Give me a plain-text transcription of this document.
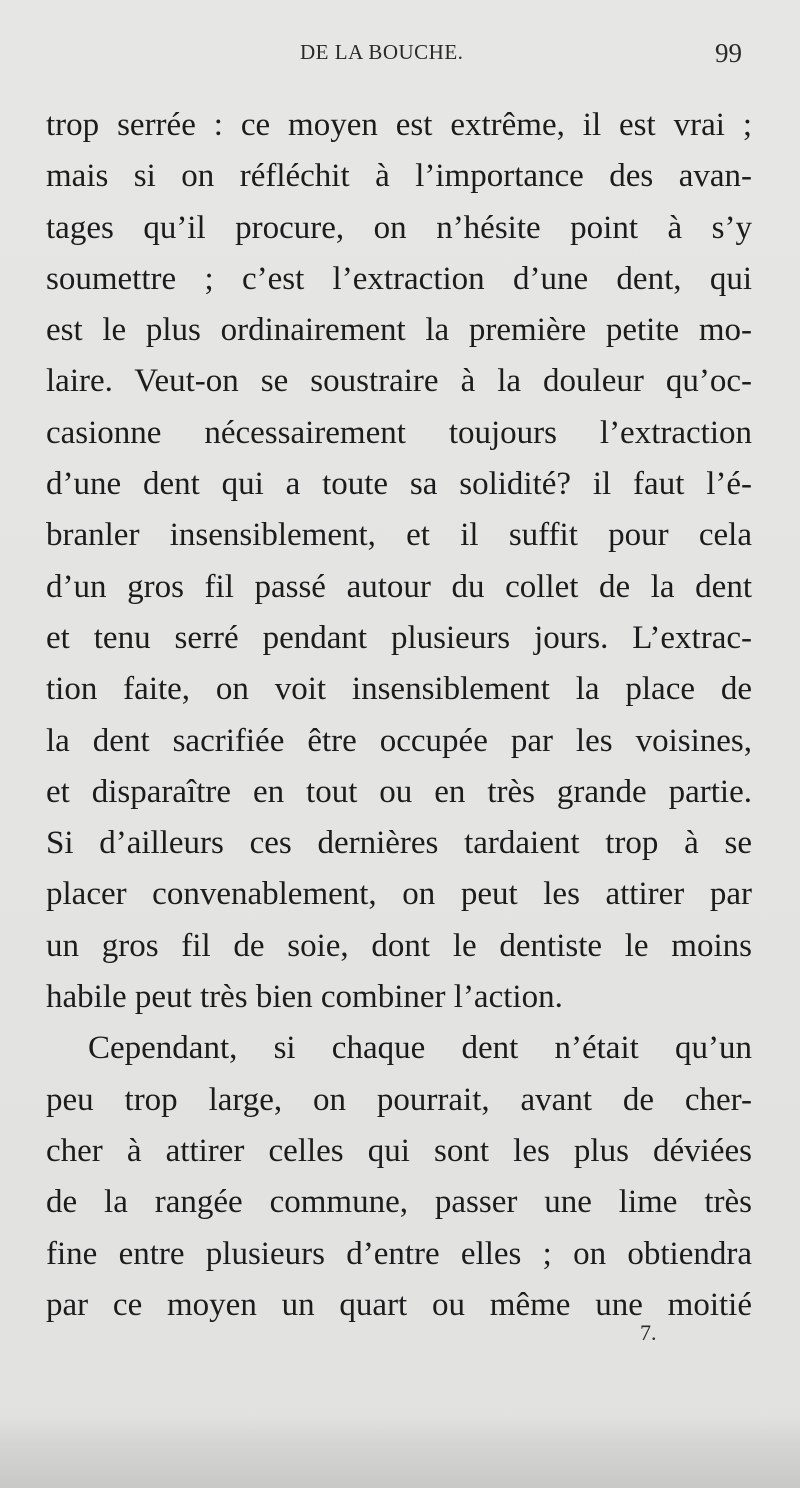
DE LA BOUCHE.	99
trop serrée : ce moyen est extrême, il est vrai ;
mais si on réfléchit à l’importance des avan-
tages qu’il procure, on n’hésite point à s’y
soumettre ; c’est l’extraction d’une dent, qui
est le plus ordinairement la première petite mo-
laire. Veut-on se soustraire à la douleur qu’oc-
casionne nécessairement toujours l’extraction
d’une dent qui a toute sa solidité? il faut l’é-
branler insensiblement, et il suffit pour cela
d’un gros fil passé autour du collet de la dent
et tenu serré pendant plusieurs jours. L’extrac-
tion faite, on voit insensiblement la place de
la dent sacrifiée être occupée par les voisines,
et disparaître en tout ou en très grande partie.
Si d’ailleurs ces dernières tardaient trop à se
placer convenablement, on peut les attirer par
un gros fil de soie, dont le dentiste le moins
habile peut très bien combiner l’action.
Cependant, si chaque dent n’était qu’un
peu trop large, on pourrait, avant de cher-
cher à attirer celles qui sont les plus déviées
de la rangée commune, passer une lime très
fine entre plusieurs d’entre elles ; on obtiendra
par ce moyen un quart ou même une moitié
7.
